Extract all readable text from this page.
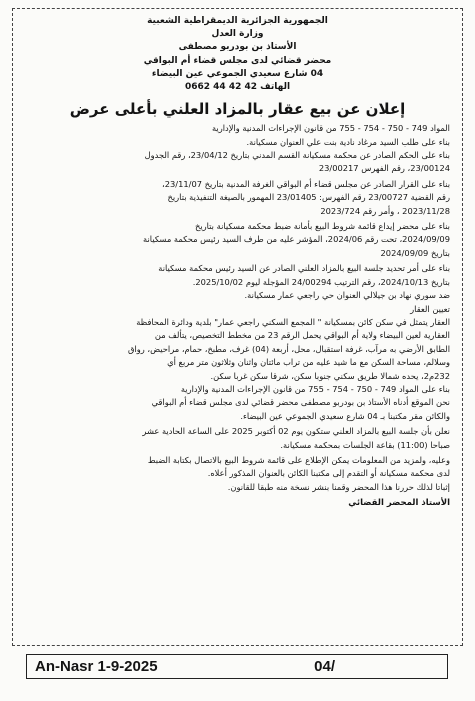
الجمهورية الجزائرية الديمقراطية الشعبية
وزارة العدل
الأستاذ بن بودربو مصطفى
محضر قضائي لدى مجلس قضاء أم البواقي
04 شارع سعيدي الجموعي عين البيضاء
الهاتف 42 42 44 0662
إعلان عن بيع عقار بالمزاد العلني بأعلى عرض

المواد 749 - 750 - 754 - 755 من قانون الإجراءات المدنية والإدارية

بناء على طلب السيد مرغاد نادية بنت علي العنوان مسكيانة.

بناء على الحكم الصادر عن محكمة مسكيانة القسم المدني بتاريخ 23/04/12، رقم الجدول

23/00124، رقم الفهرس 23/00217

بناء على القرار الصادر عن مجلس قضاء أم البواقي الغرفة المدنية بتاريخ 23/11/07،

رقم القضية 23/00727 رقم الفهرس: 23/01405 المهمور بالصيغة التنفيذية بتاريخ

2023/11/28 ، وأمر رقم 2023/724

بناء على محضر إيداع قائمة شروط البيع بأمانة ضبط محكمة مسكيانة بتاريخ

2024/09/09، تحت رقم 2024/06، المؤشر عليه من طرف السيد رئيس محكمة مسكيانة

بتاريخ 2024/09/09

بناء على أمر تحديد جلسة البيع بالمزاد العلني الصادر عن السيد رئيس محكمة مسكيانة

بتاريخ 2024/10/13، رقم الترتيب 24/00294 المؤجلة ليوم 2025/10/02.

ضد سوري نهاد بن جيلالي العنوان حي راجعي عمار مسكيانة.

تعيين العقار

العقار يتمثل في سكن كائن بمسكيانة " المجمع السكني راجعي عمار" بلدية ودائرة المحافظة

العقارية لعين البيضاء ولاية أم البواقي يحمل الرقم 23 من مخطط التخصيص، يتألف من

الطابق الأرضي به مرآب، غرفة استقبال، محل، أربعة (04) غرف، مطبخ، حمام، مراحيض، رواق

وسلالم، مساحة السكن مع ما شيد عليه من تراب مائتان واثنان وثلاثون متر مربع أي

232م2، يحده شمالا طريق سكني جنوبا سكن، شرقا سكن غربا سكن.

بناء على المواد 749 - 750 - 754 - 755 من قانون الإجراءات المدنية والإدارية

نحن الموقع أدناه الأستاذ بن بودربو مصطفى محضر قضائي لدى مجلس قضاء أم البواقي

والكائن مقر مكتبنا بـ 04 شارع سعيدي الجموعي عين البيضاء.

نعلن بأن جلسة البيع بالمزاد العلني ستكون يوم 02 أكتوبر 2025 على الساعة الحادية عشر

صباحا (11:00) بقاعة الجلسات بمحكمة مسكيانة.

وعليه، ولمزيد من المعلومات يمكن الإطلاع على قائمة شروط البيع بالاتصال بكتابة الضبط

لدى محكمة مسكيانة أو التقدم إلى مكتبنا الكائن بالعنوان المذكور أعلاه.

إثباتا لذلك حررنا هذا المحضر وقمنا بنشر نسخة منه طبقا للقانون.

الأستاذ المحضر القضائي
An-Nasr 1-9-2025	04/
